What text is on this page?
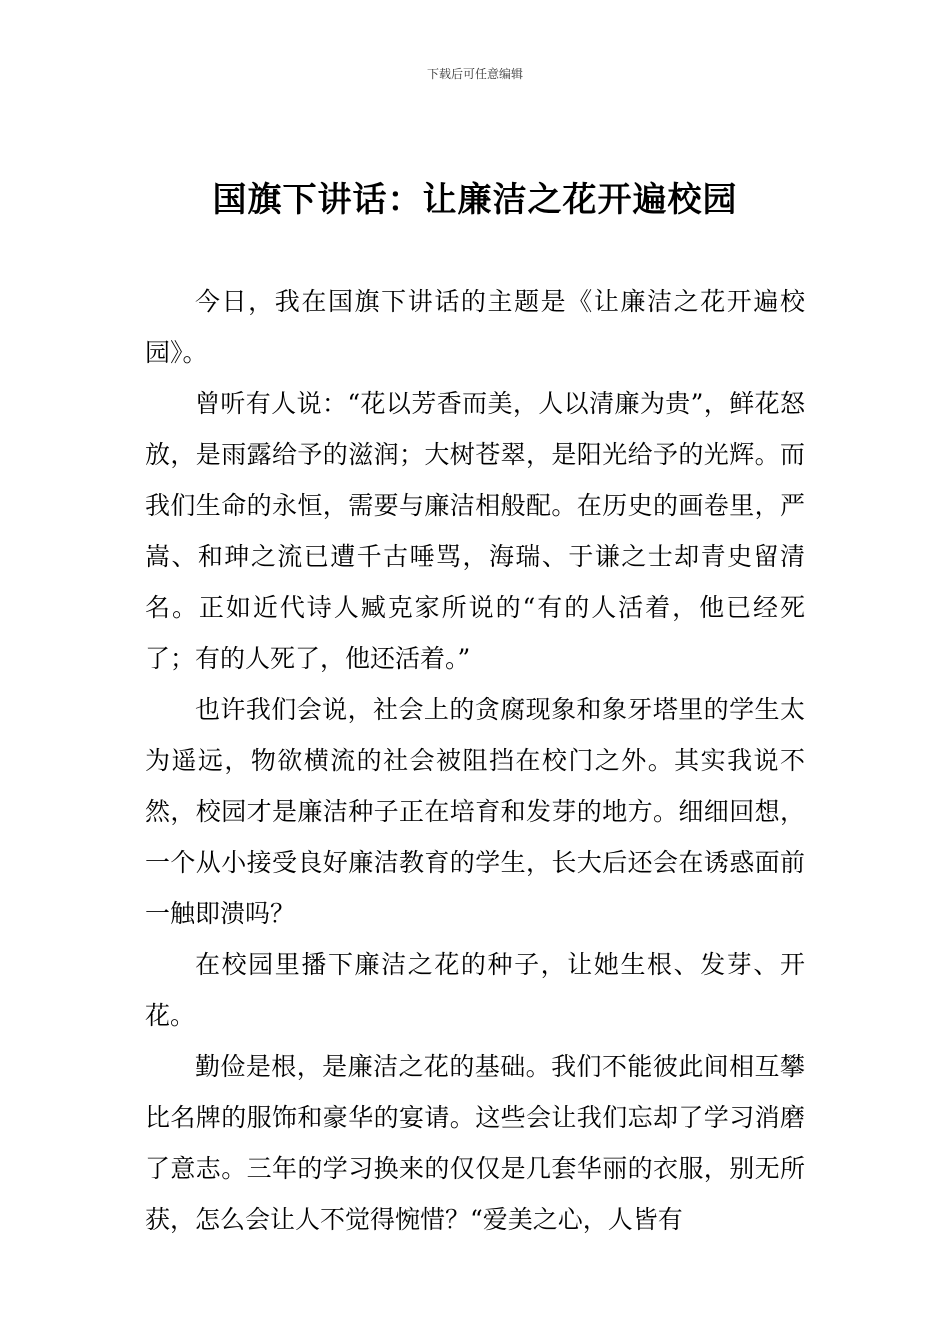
下载后可任意编辑
国旗下讲话：让廉洁之花开遍校园

今日，我在国旗下讲话的主题是《让廉洁之花开遍校园》。

曾听有人说：“花以芳香而美，人以清廉为贵”，鲜花怒放，是雨露给予的滋润；大树苍翠，是阳光给予的光辉。而我们生命的永恒，需要与廉洁相般配。在历史的画卷里，严嵩、和珅之流已遭千古唾骂，海瑞、于谦之士却青史留清名。正如近代诗人臧克家所说的“有的人活着，他已经死了；有的人死了，他还活着。”

也许我们会说，社会上的贪腐现象和象牙塔里的学生太为遥远，物欲横流的社会被阻挡在校门之外。其实我说不然，校园才是廉洁种子正在培育和发芽的地方。细细回想，一个从小接受良好廉洁教育的学生，长大后还会在诱惑面前一触即溃吗？

在校园里播下廉洁之花的种子，让她生根、发芽、开花。

勤俭是根，是廉洁之花的基础。我们不能彼此间相互攀比名牌的服饰和豪华的宴请。这些会让我们忘却了学习消磨了意志。三年的学习换来的仅仅是几套华丽的衣服，别无所获，怎么会让人不觉得惋惜？“爱美之心，人皆有
